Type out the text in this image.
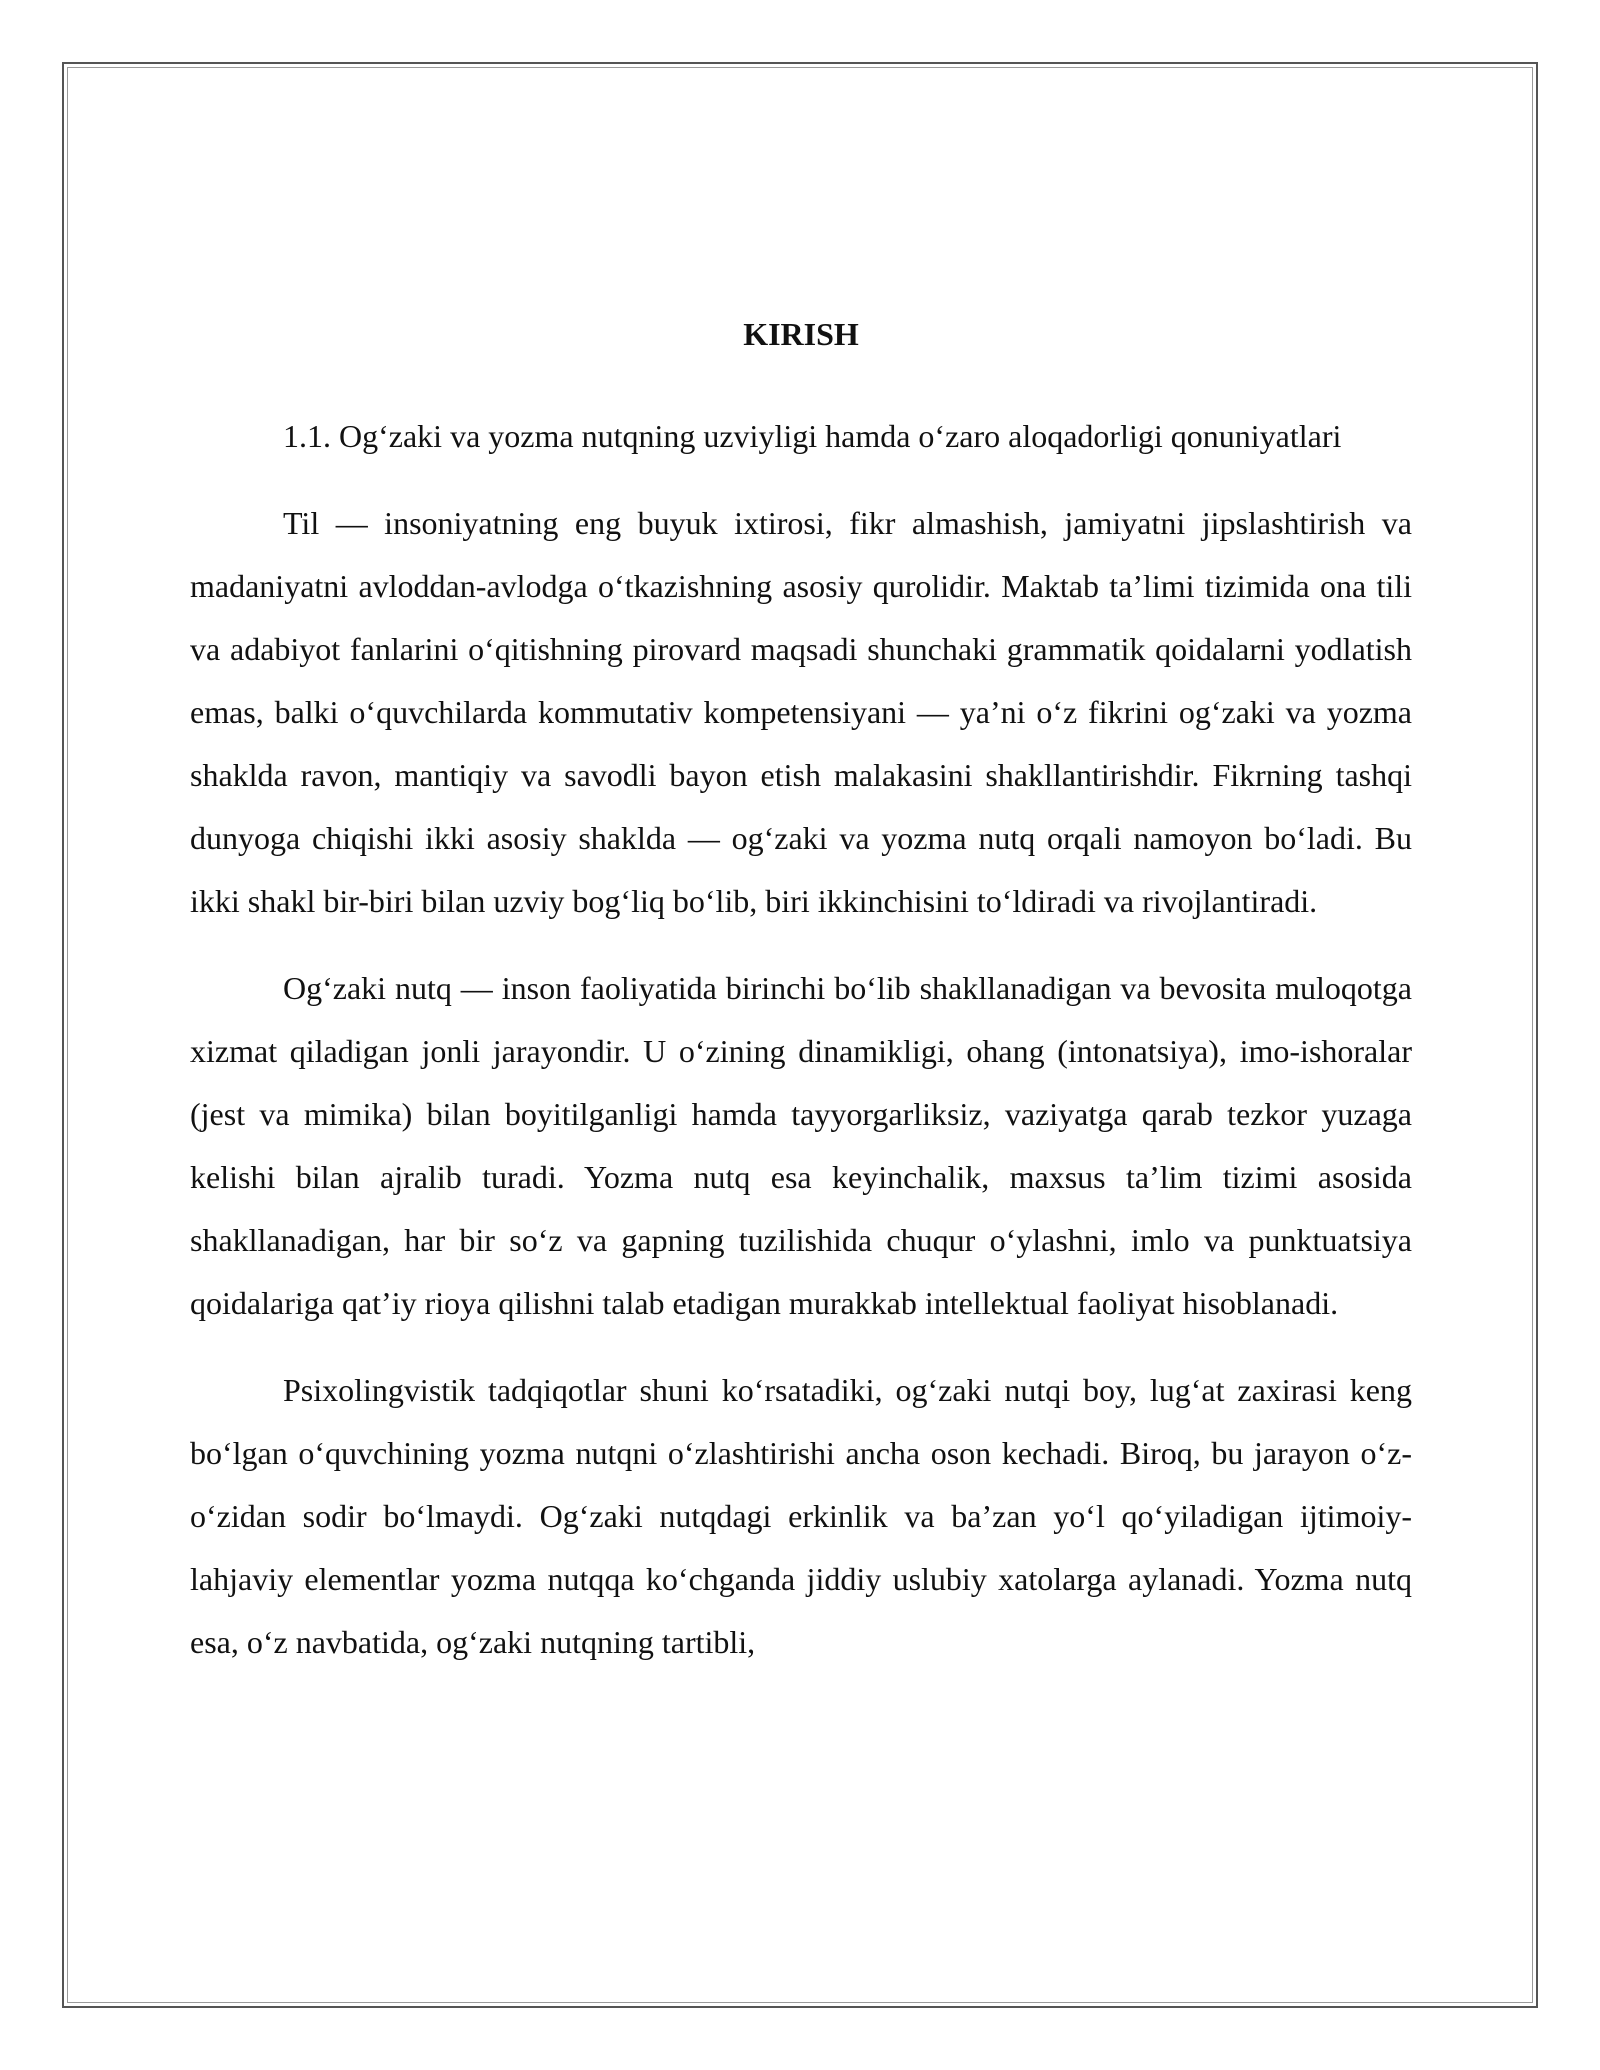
KIRISH

1.1. Og‘zaki va yozma nutqning uzviyligi hamda o‘zaro aloqadorligi qonuniyatlari

Til — insoniyatning eng buyuk ixtirosi, fikr almashish, jamiyatni jipslashtirish va madaniyatni avloddan-avlodga o‘tkazishning asosiy qurolidir. Maktab ta’limi tizimida ona tili va adabiyot fanlarini o‘qitishning pirovard maqsadi shunchaki grammatik qoidalarni yodlatish emas, balki o‘quvchilarda kommutativ kompetensiyani — ya’ni o‘z fikrini og‘zaki va yozma shaklda ravon, mantiqiy va savodli bayon etish malakasini shakllantirishdir. Fikrning tashqi dunyoga chiqishi ikki asosiy shaklda — og‘zaki va yozma nutq orqali namoyon bo‘ladi. Bu ikki shakl bir-biri bilan uzviy bog‘liq bo‘lib, biri ikkinchisini to‘ldiradi va rivojlantiradi.

Og‘zaki nutq — inson faoliyatida birinchi bo‘lib shakllanadigan va bevosita muloqotga xizmat qiladigan jonli jarayondir. U o‘zining dinamikligi, ohang (intonatsiya), imo-ishoralar (jest va mimika) bilan boyitilganligi hamda tayyorgarliksiz, vaziyatga qarab tezkor yuzaga kelishi bilan ajralib turadi. Yozma nutq esa keyinchalik, maxsus ta’lim tizimi asosida shakllanadigan, har bir so‘z va gapning tuzilishida chuqur o‘ylashni, imlo va punktuatsiya qoidalariga qat’iy rioya qilishni talab etadigan murakkab intellektual faoliyat hisoblanadi.

Psixolingvistik tadqiqotlar shuni ko‘rsatadiki, og‘zaki nutqi boy, lug‘at zaxirasi keng bo‘lgan o‘quvchining yozma nutqni o‘zlashtirishi ancha oson kechadi. Biroq, bu jarayon o‘z-o‘zidan sodir bo‘lmaydi. Og‘zaki nutqdagi erkinlik va ba’zan yo‘l qo‘yiladigan ijtimoiy-lahjaviy elementlar yozma nutqqa ko‘chganda jiddiy uslubiy xatolarga aylanadi. Yozma nutq esa, o‘z navbatida, og‘zaki nutqning tartibli,
